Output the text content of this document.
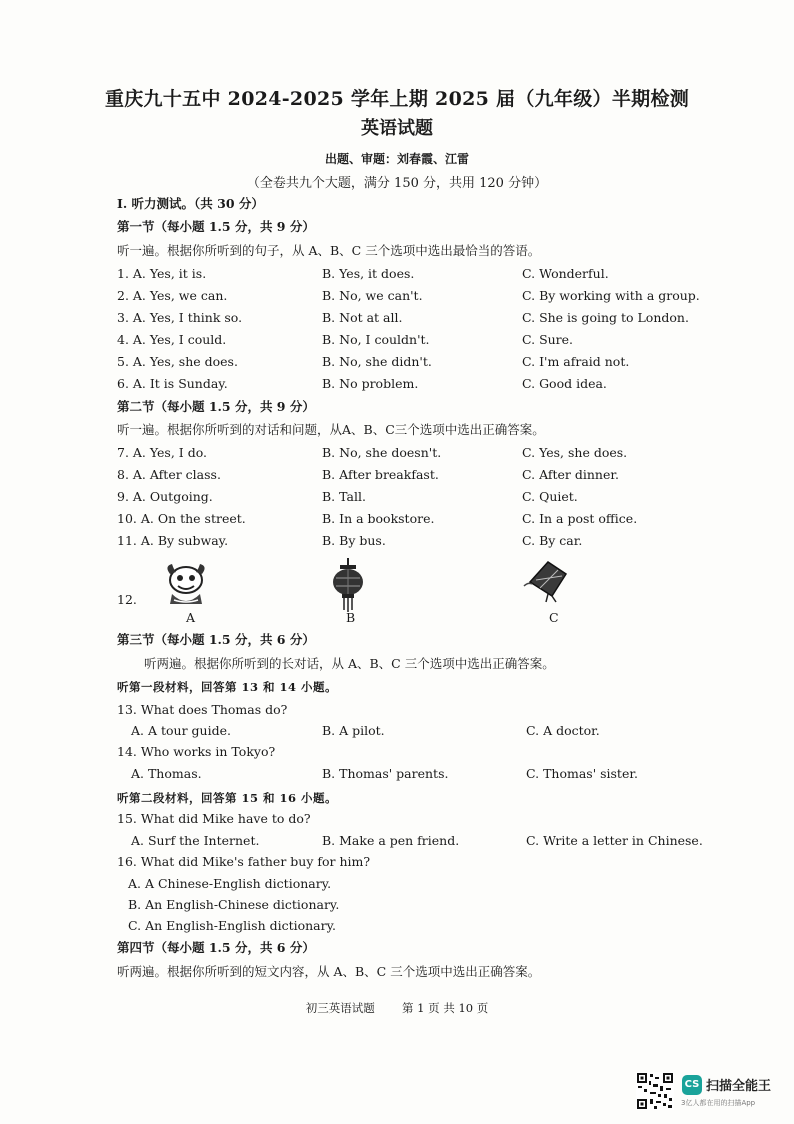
重庆九十五中 2024-2025 学年上期 2025 届（九年级）半期检测
英语试题
出题、审题：刘春霞、江雷
（全卷共九个大题，满分 150 分，共用 120 分钟）
I. 听力测试。（共 30 分）
第一节（每小题 1.5 分，共 9 分）
听一遍。根据你所听到的句子，从 A、B、C 三个选项中选出最恰当的答语。
1. A. Yes, it is.	B. Yes, it does.	C. Wonderful.
2. A. Yes, we can.	B. No, we can't.	C. By working with a group.
3. A. Yes, I think so.	B. Not at all.	C. She is going to London.
4. A. Yes, I could.	B. No, I couldn't.	C. Sure.
5. A. Yes, she does.	B. No, she didn't.	C. I'm afraid not.
6. A. It is Sunday.	B. No problem.	C. Good idea.
第二节（每小题 1.5 分，共 9 分）
听一遍。根据你所听到的对话和问题，从A、B、C三个选项中选出正确答案。
7. A. Yes, I do.	B. No, she doesn't.	C. Yes, she does.
8. A. After class.	B. After breakfast.	C. After dinner.
9. A. Outgoing.	B. Tall.	C. Quiet.
10. A. On the street.	B. In a bookstore.	C. In a post office.
11. A. By subway.	B. By bus.	C. By car.
12.
A	B	C
第三节（每小题 1.5 分，共 6 分）
听两遍。根据你所听到的长对话，从 A、B、C 三个选项中选出正确答案。
听第一段材料，回答第 13 和 14 小题。
13. What does Thomas do?
A. A tour guide.	B. A pilot.	C. A doctor.
14. Who works in Tokyo?
A. Thomas.	B. Thomas' parents.	C. Thomas' sister.
听第二段材料，回答第 15 和 16 小题。
15. What did Mike have to do?
A. Surf the Internet.	B. Make a pen friend.	C. Write a letter in Chinese.
16. What did Mike's father buy for him?
A. A Chinese-English dictionary.
B. An English-Chinese dictionary.
C. An English-English dictionary.
第四节（每小题 1.5 分，共 6 分）
听两遍。根据你所听到的短文内容，从 A、B、C 三个选项中选出正确答案。
初三英语试题 第 1 页 共 10 页
CS 扫描全能王
3亿人都在用的扫描App
